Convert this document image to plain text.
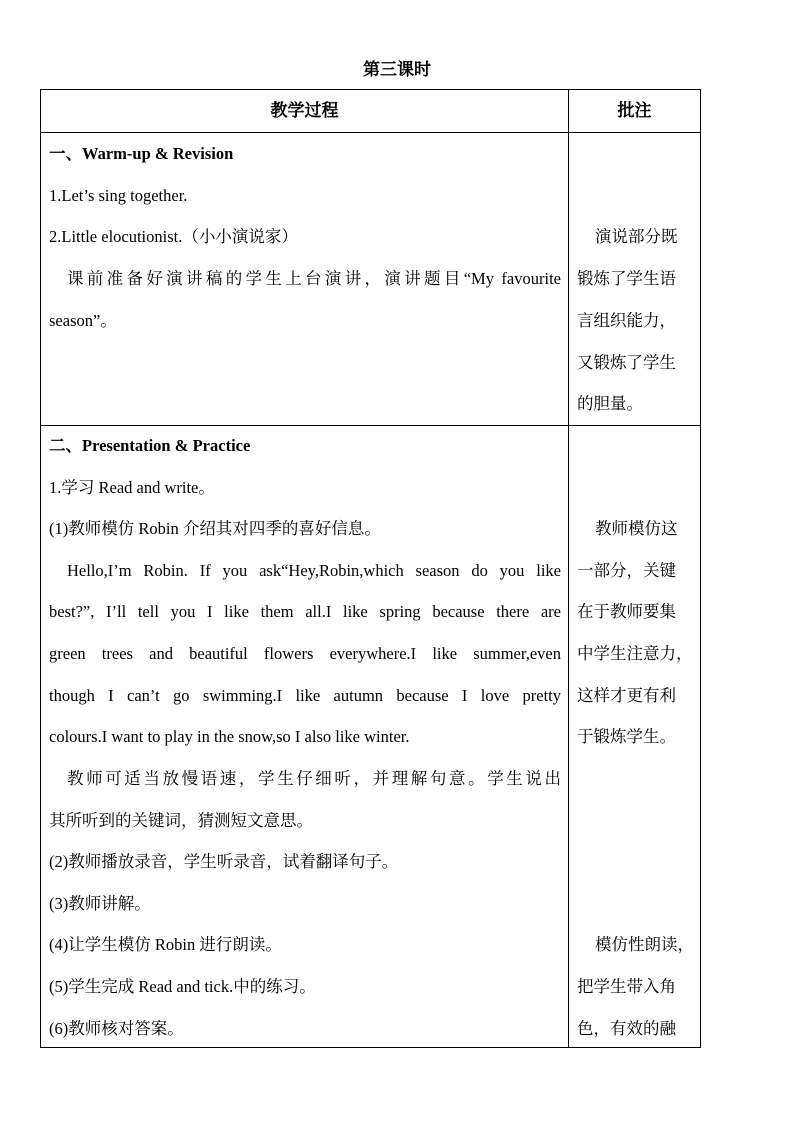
第三课时
教学过程	批注
一、Warm-up & Revision
1.Let’s sing together.
2.Little elocutionist.（小小演说家）
课前准备好演讲稿的学生上台演讲，演讲题目“My favourite
season”。
演说部分既
锻炼了学生语
言组织能力，
又锻炼了学生
的胆量。
二、Presentation & Practice
1.学习 Read and write。
(1)教师模仿 Robin 介绍其对四季的喜好信息。
Hello,I’m Robin. If you ask“Hey,Robin,which season do you like
best?”, I’ll tell you I like them all.I like spring because there are
green trees and beautiful flowers everywhere.I like summer,even
though I can’t go swimming.I like autumn because I love pretty
colours.I want to play in the snow,so I also like winter.
教师可适当放慢语速，学生仔细听，并理解句意。学生说出
其所听到的关键词，猜测短文意思。
(2)教师播放录音，学生听录音，试着翻译句子。
(3)教师讲解。
(4)让学生模仿 Robin 进行朗读。
(5)学生完成 Read and tick.中的练习。
(6)教师核对答案。
教师模仿这
一部分，关键
在于教师要集
中学生注意力，
这样才更有利
于锻炼学生。
模仿性朗读，
把学生带入角
色，有效的融
